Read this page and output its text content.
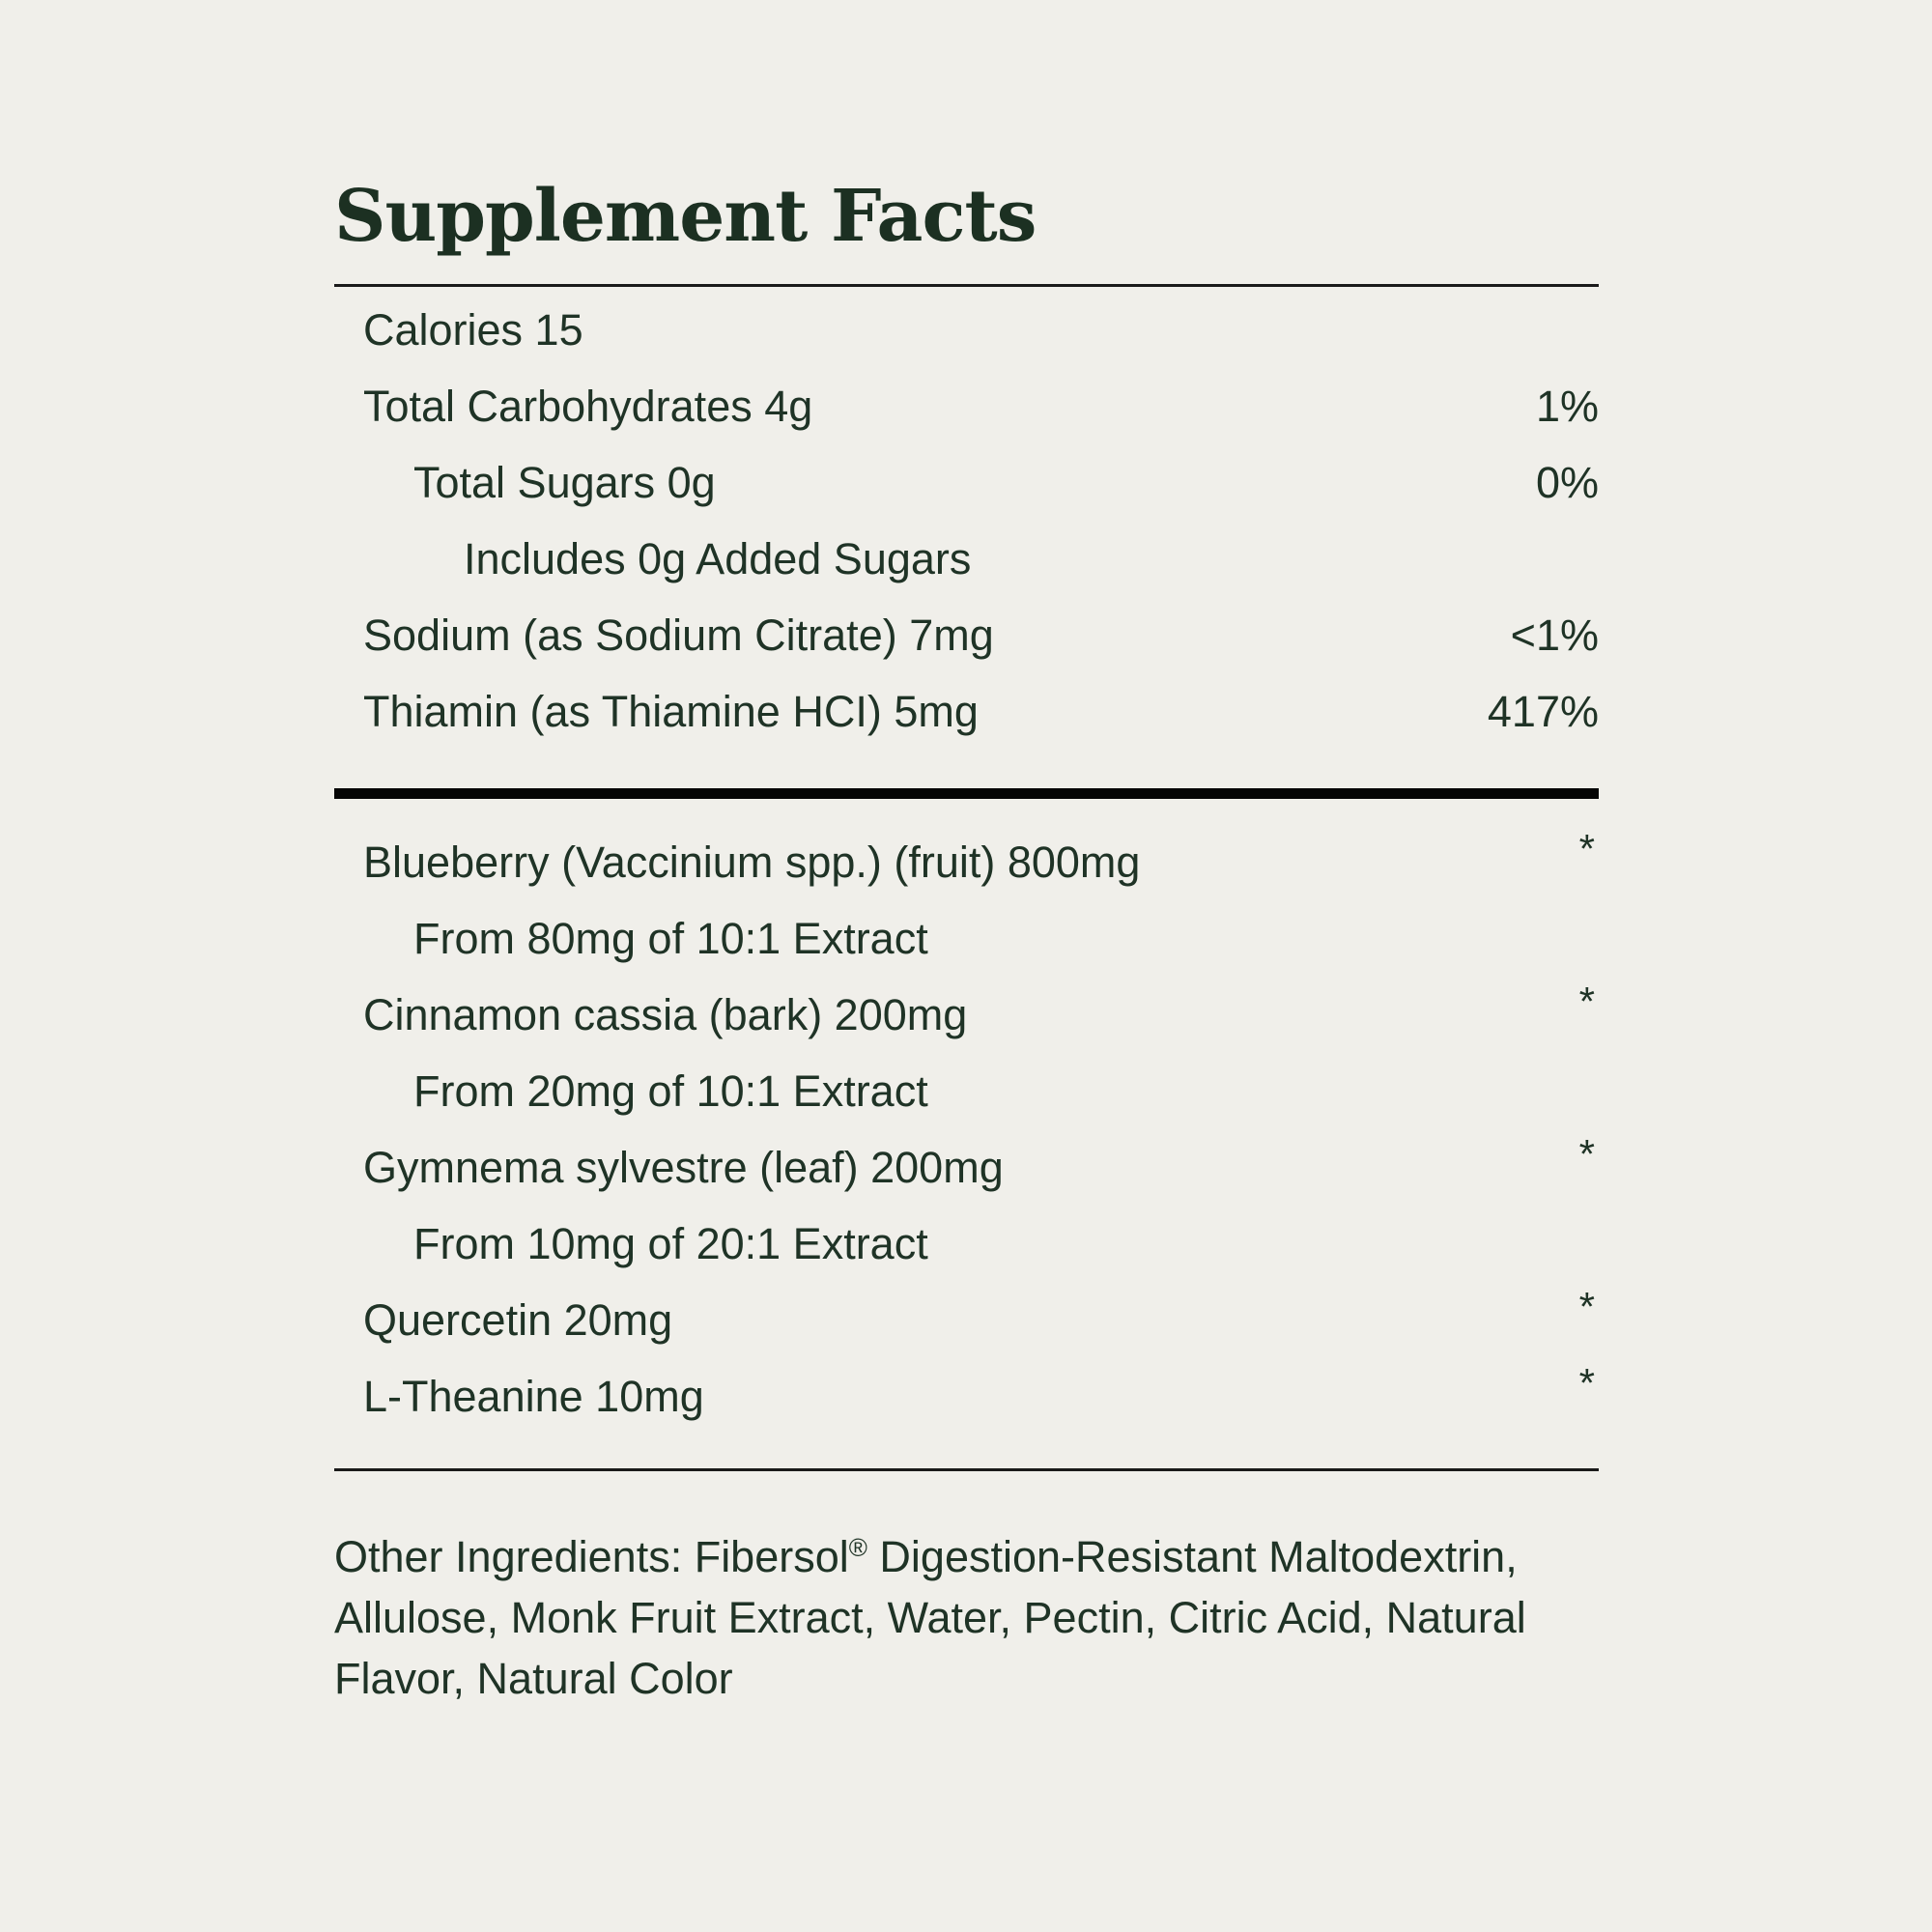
Supplement Facts
Calories 15
Total Carbohydrates 4g	1%
Total Sugars 0g	0%
Includes 0g Added Sugars
Sodium (as Sodium Citrate) 7mg	<1%
Thiamin (as Thiamine HCI) 5mg	417%
Blueberry (Vaccinium spp.) (fruit) 800mg	*
From 80mg of 10:1 Extract
Cinnamon cassia (bark) 200mg	*
From 20mg of 10:1 Extract
Gymnema sylvestre (leaf) 200mg	*
From 10mg of 20:1 Extract
Quercetin 20mg	*
L-Theanine 10mg	*

Other Ingredients: Fibersol® Digestion-Resistant Maltodextrin, Allulose, Monk Fruit Extract, Water, Pectin, Citric Acid, Natural Flavor, Natural Color
